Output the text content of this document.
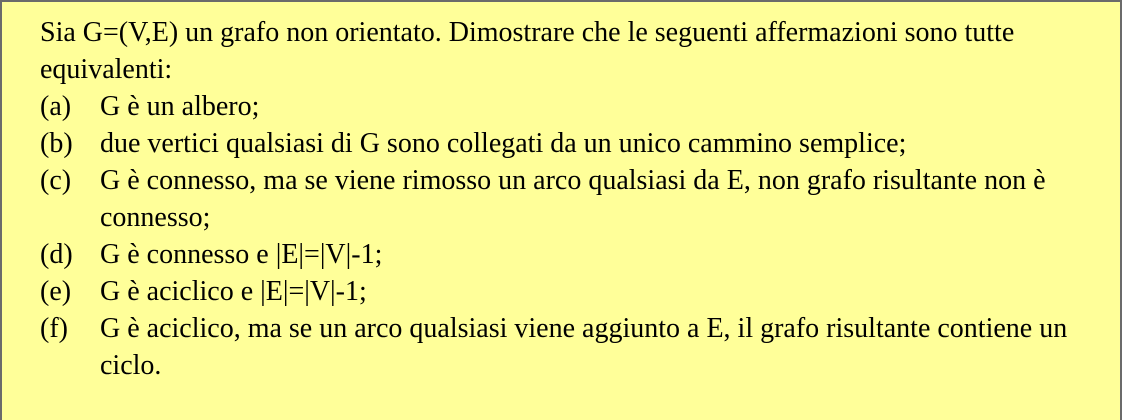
Sia G=(V,E) un grafo non orientato. Dimostrare che le seguenti affermazioni sono tutte equivalenti:

(a)	G è un albero;
(b) due vertici qualsiasi di G sono collegati da un unico cammino semplice;
(c)	G è connesso, ma se viene rimosso un arco qualsiasi da E, non grafo risultante non è connesso;
(d) G è connesso e |E|=|V|-1;
(e)	G è aciclico e |E|=|V|-1;
(f)	G è aciclico, ma se un arco qualsiasi viene aggiunto a E, il grafo risultante contiene un ciclo.
